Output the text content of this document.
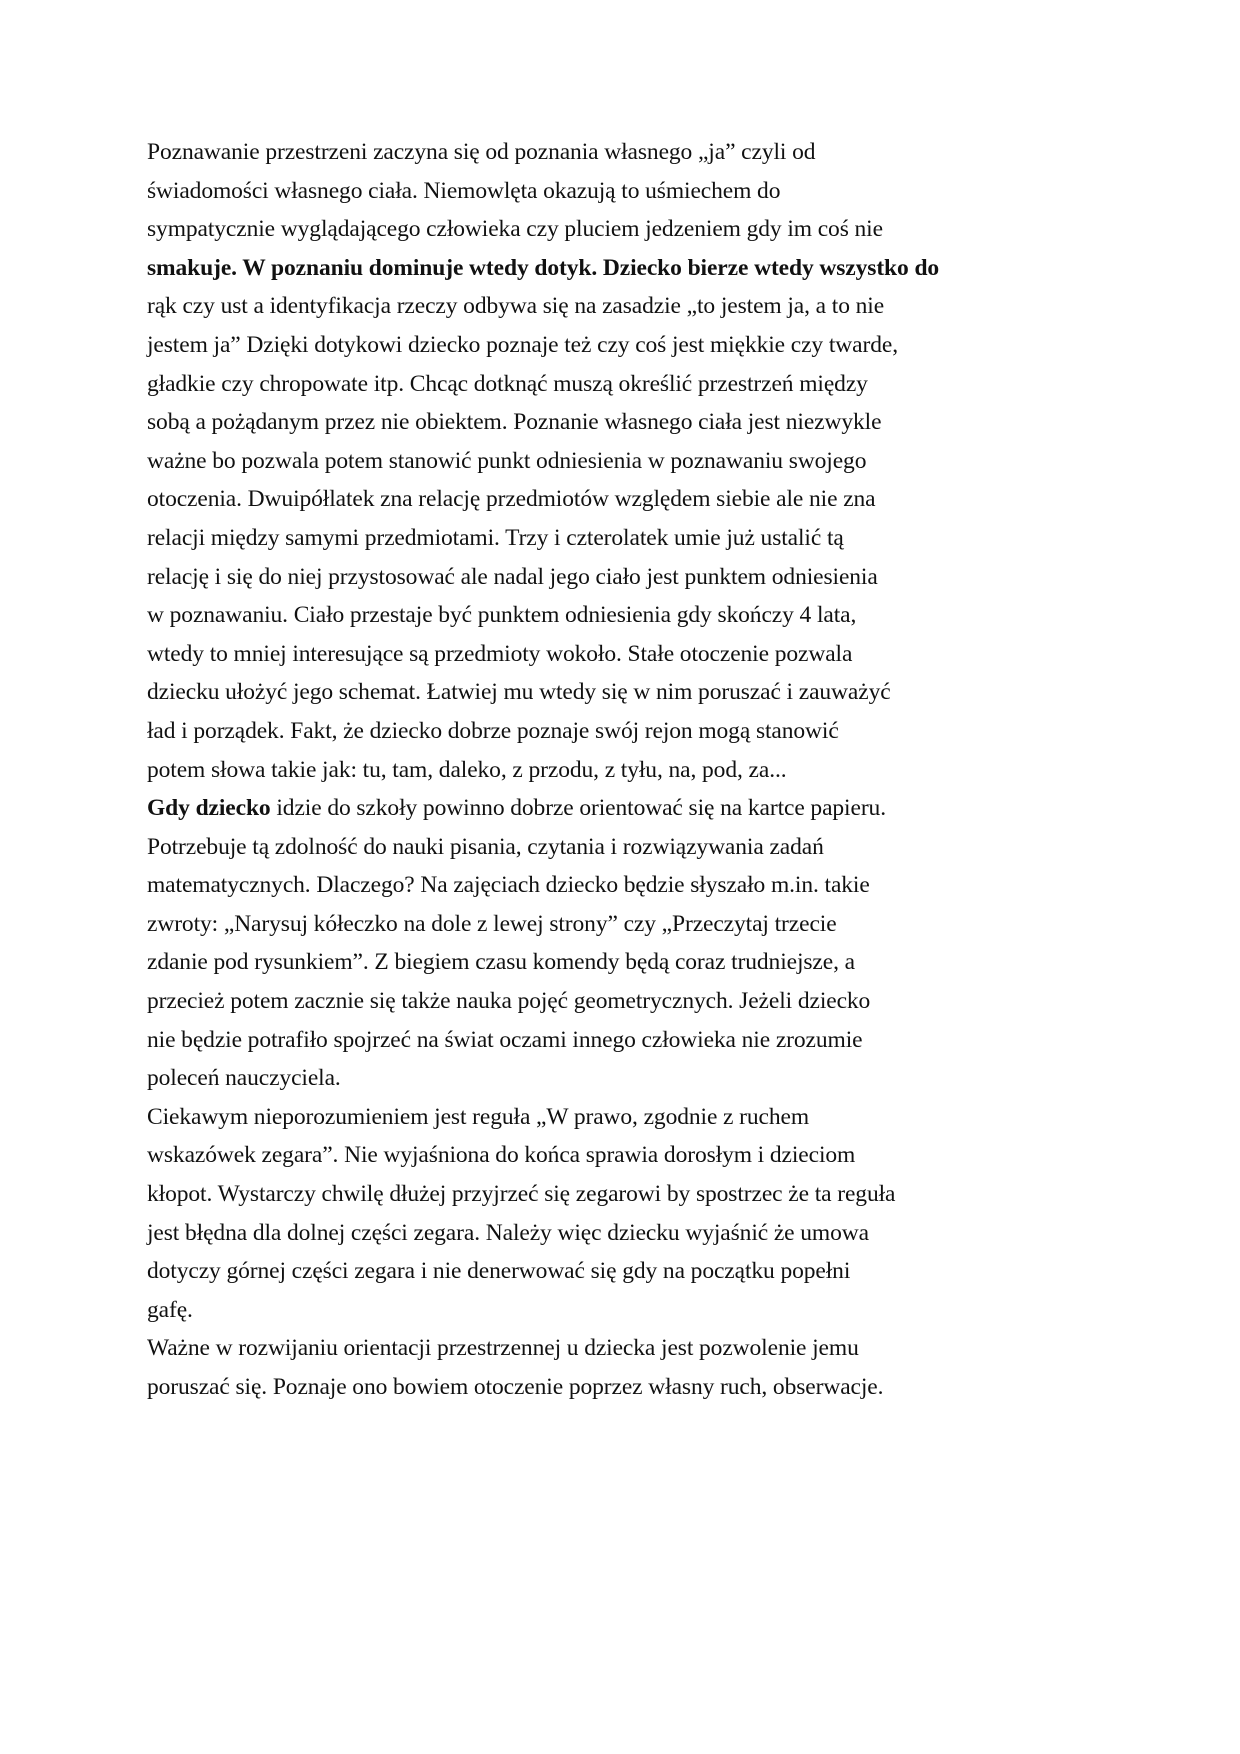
Poznawanie przestrzeni zaczyna się od poznania własnego „ja” czyli od
świadomości własnego ciała. Niemowlęta okazują to uśmiechem do
sympatycznie wyglądającego człowieka czy pluciem jedzeniem gdy im coś nie
smakuje. W poznaniu dominuje wtedy dotyk. Dziecko bierze wtedy wszystko do
rąk czy ust a identyfikacja rzeczy odbywa się na zasadzie „to jestem ja, a to nie
jestem ja” Dzięki dotykowi dziecko poznaje też czy coś jest miękkie czy twarde,
gładkie czy chropowate itp. Chcąc dotknąć muszą określić przestrzeń między
sobą a pożądanym przez nie obiektem. Poznanie własnego ciała jest niezwykle
ważne bo pozwala potem stanowić punkt odniesienia w poznawaniu swojego
otoczenia. Dwuipółlatek zna relację przedmiotów względem siebie ale nie zna
relacji między samymi przedmiotami. Trzy i czterolatek umie już ustalić tą
relację i się do niej przystosować ale nadal jego ciało jest punktem odniesienia
w poznawaniu. Ciało przestaje być punktem odniesienia gdy skończy 4 lata,
wtedy to mniej interesujące są przedmioty wokoło. Stałe otoczenie pozwala
dziecku ułożyć jego schemat. Łatwiej mu wtedy się w nim poruszać i zauważyć
ład i porządek. Fakt, że dziecko dobrze poznaje swój rejon mogą stanowić
potem słowa takie jak: tu, tam, daleko, z przodu, z tyłu, na, pod, za...
Gdy dziecko idzie do szkoły powinno dobrze orientować się na kartce papieru.
Potrzebuje tą zdolność do nauki pisania, czytania i rozwiązywania zadań
matematycznych. Dlaczego? Na zajęciach dziecko będzie słyszało m.in. takie
zwroty: „Narysuj kółeczko na dole z lewej strony” czy „Przeczytaj trzecie
zdanie pod rysunkiem”. Z biegiem czasu komendy będą coraz trudniejsze, a
przecież potem zacznie się także nauka pojęć geometrycznych. Jeżeli dziecko
nie będzie potrafiło spojrzeć na świat oczami innego człowieka nie zrozumie
poleceń nauczyciela.
Ciekawym nieporozumieniem jest reguła „W prawo, zgodnie z ruchem
wskazówek zegara”. Nie wyjaśniona do końca sprawia dorosłym i dzieciom
kłopot. Wystarczy chwilę dłużej przyjrzeć się zegarowi by spostrzec że ta reguła
jest błędna dla dolnej części zegara. Należy więc dziecku wyjaśnić że umowa
dotyczy górnej części zegara i nie denerwować się gdy na początku popełni
gafę.
Ważne w rozwijaniu orientacji przestrzennej u dziecka jest pozwolenie jemu
poruszać się. Poznaje ono bowiem otoczenie poprzez własny ruch, obserwacje.
